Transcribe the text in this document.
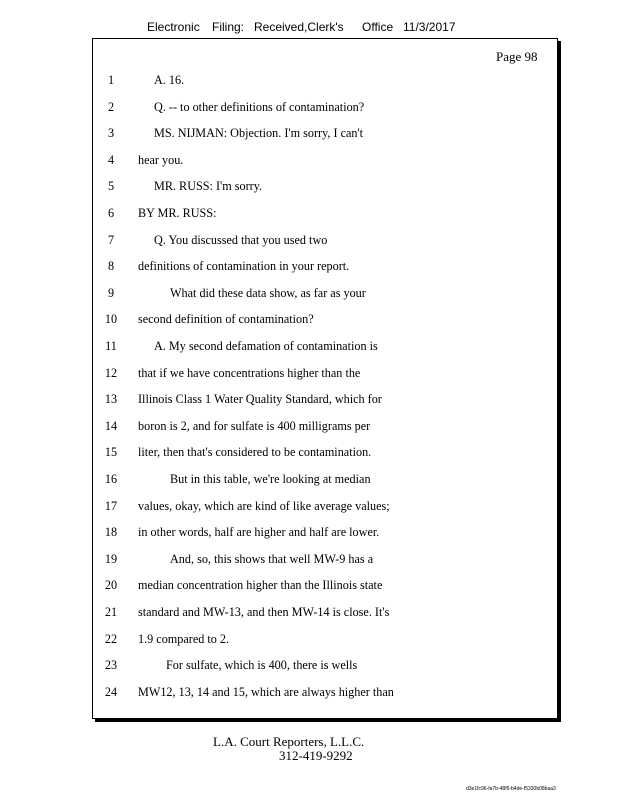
Electronic Filing: Received,Clerk's Office 11/3/2017
Page 98
1	A. 16.
2	Q. -- to other definitions of contamination?
3	MS. NIJMAN: Objection. I'm sorry, I can't
4	hear you.
5	MR. RUSS: I'm sorry.
6	BY MR. RUSS:
7	Q. You discussed that you used two
8	definitions of contamination in your report.
9	What did these data show, as far as your
10 second definition of contamination?
11	A. My second defamation of contamination is
12 that if we have concentrations higher than the
13 Illinois Class 1 Water Quality Standard, which for
14 boron is 2, and for sulfate is 400 milligrams per
15 liter, then that's considered to be contamination.
16	But in this table, we're looking at median
17 values, okay, which are kind of like average values;
18 in other words, half are higher and half are lower.
19	And, so, this shows that well MW-9 has a
20 median concentration higher than the Illinois state
21 standard and MW-13, and then MW-14 is close. It's
22 1.9 compared to 2.
23	For sulfate, which is 400, there is wells
24 MW12, 13, 14 and 15, which are always higher than
L.A. Court Reporters, L.L.C.
312-419-9292
d3e1fc96-fa7b-48f5-b4de-f5330b08baa3
